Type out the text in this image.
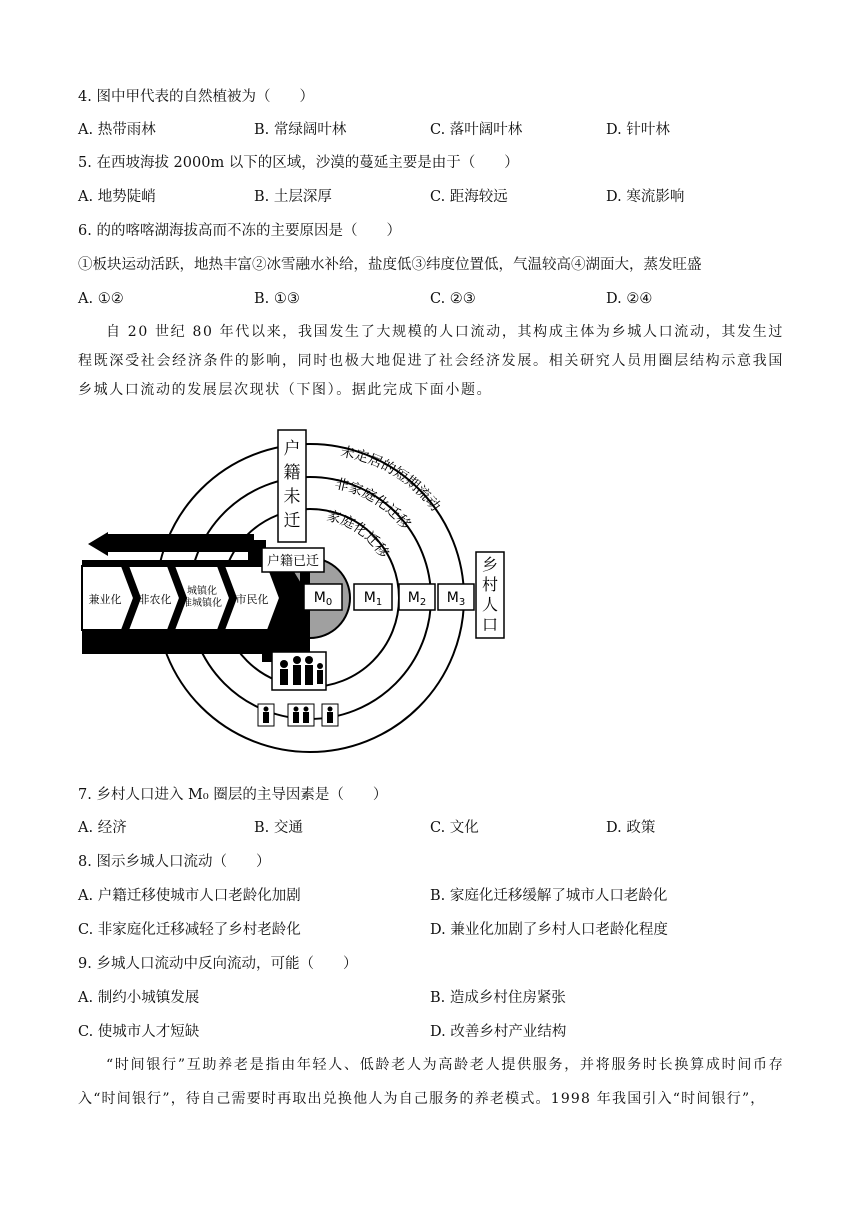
4. 图中甲代表的自然植被为（　　）
A. 热带雨林	B. 常绿阔叶林	C. 落叶阔叶林	D. 针叶林
5. 在西坡海拔 2000m 以下的区域，沙漠的蔓延主要是由于（　　）
A. 地势陡峭	B. 土层深厚	C. 距海较远	D. 寒流影响
6. 的的喀喀湖海拔高而不冻的主要原因是（　　）
①板块运动活跃，地热丰富②冰雪融水补给，盐度低③纬度位置低，气温较高④湖面大，蒸发旺盛
A. ①②	B. ①③	C. ②③	D. ②④
自 20 世纪 80 年代以来，我国发生了大规模的人口流动，其构成主体为乡城人口流动，其发生过程既深受社会经济条件的影响，同时也极大地促进了社会经济发展。相关研究人员用圈层结构示意我国乡城人口流动的发展层次现状（下图）。据此完成下面小题。
兼业化 非农化
城镇化
准城镇化 市民化
未定居的短期流动
非家庭化迁移
家庭化迁移
户
籍
未
迁
户籍已迁
$M_0$ $M_1$ $M_2$ $M_3$
乡
村
人
口
7. 乡村人口进入 M₀ 圈层的主导因素是（　　）
A. 经济	B. 交通	C. 文化	D. 政策
8. 图示乡城人口流动（　　）
A. 户籍迁移使城市人口老龄化加剧	B. 家庭化迁移缓解了城市人口老龄化
C. 非家庭化迁移减轻了乡村老龄化	D. 兼业化加剧了乡村人口老龄化程度
9. 乡城人口流动中反向流动，可能（　　）
A. 制约小城镇发展	B. 造成乡村住房紧张
C. 使城市人才短缺	D. 改善乡村产业结构
“时间银行”互助养老是指由年轻人、低龄老人为高龄老人提供服务，并将服务时长换算成时间币存入“时间银行”，待自己需要时再取出兑换他人为自己服务的养老模式。1998 年我国引入“时间银行”，
